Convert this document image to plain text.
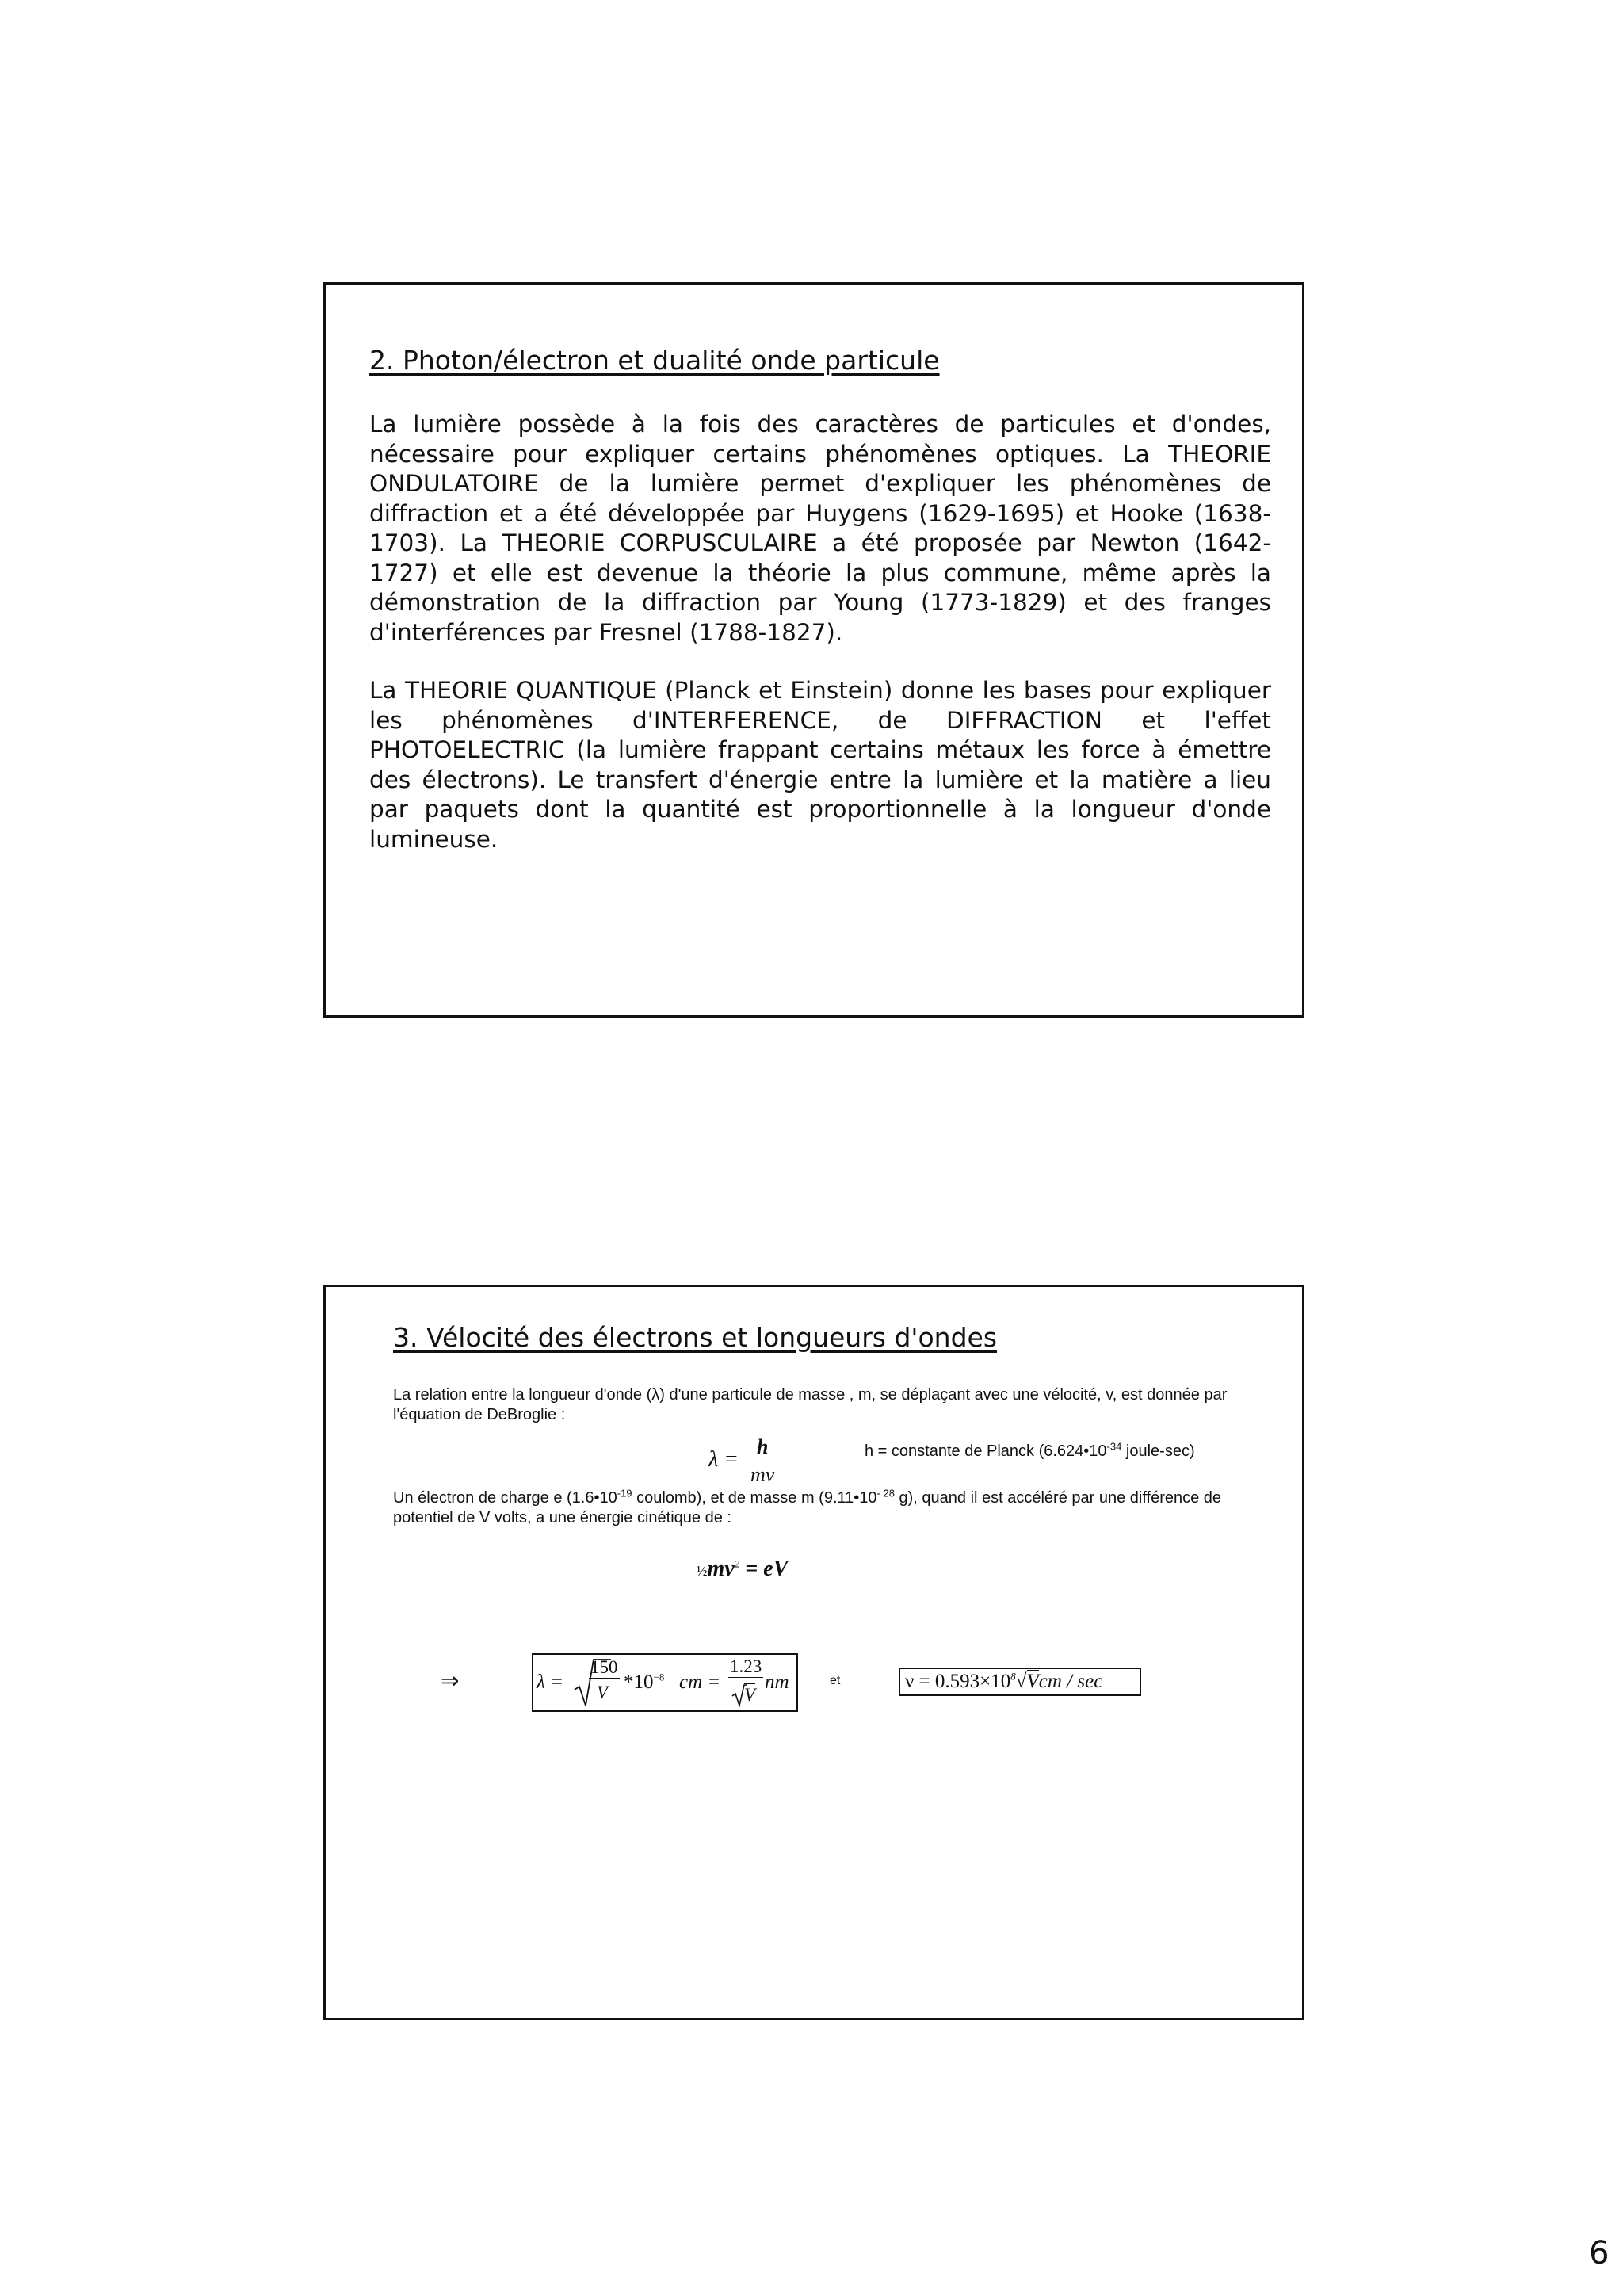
2. Photon/électron et dualité onde particule

La lumière possède à la fois des caractères de particules et d'ondes, nécessaire pour expliquer certains phénomènes optiques. La THEORIE ONDULATOIRE de la lumière permet d'expliquer les phénomènes de diffraction et a été développée par Huygens (1629-1695) et Hooke (1638-1703). La THEORIE CORPUSCULAIRE a été proposée par Newton (1642- 1727) et elle est devenue la théorie la plus commune, même après la démonstration de la diffraction par Young (1773-1829) et des franges d'interférences par Fresnel (1788-1827).

La THEORIE QUANTIQUE (Planck et Einstein) donne les bases pour expliquer les phénomènes d'INTERFERENCE, de DIFFRACTION et l'effet PHOTOELECTRIC (la lumière frappant certains métaux les force à émettre des électrons). Le transfert d'énergie entre la lumière et la matière a lieu par paquets dont la quantité est proportionnelle à la longueur d'onde lumineuse.

3. Vélocité des électrons et longueurs d'ondes

La relation entre la longueur d'onde (λ) d'une particule de masse , m, se déplaçant avec une vélocité, v, est donnée par l'équation de DeBroglie :

$\lambda = \frac{h}{m\nu}$	h = constante de Planck ($6.624•10^{-34}$ joule-sec)

Un électron de charge e ($1.6•10^{-19}$ coulomb), et de masse m ($9.11•10^{- 28}$ g), quand il est accéléré par une différence de potentiel de V volts, a une énergie cinétique de :

$\frac{1}{2}mv^2$ = eV
⇒	λ =
150
V $*10^{-8}$ cm =
1.23
V
nm	et	$\nu = 0.593\times 10^8√Vcm / \sec$
6
